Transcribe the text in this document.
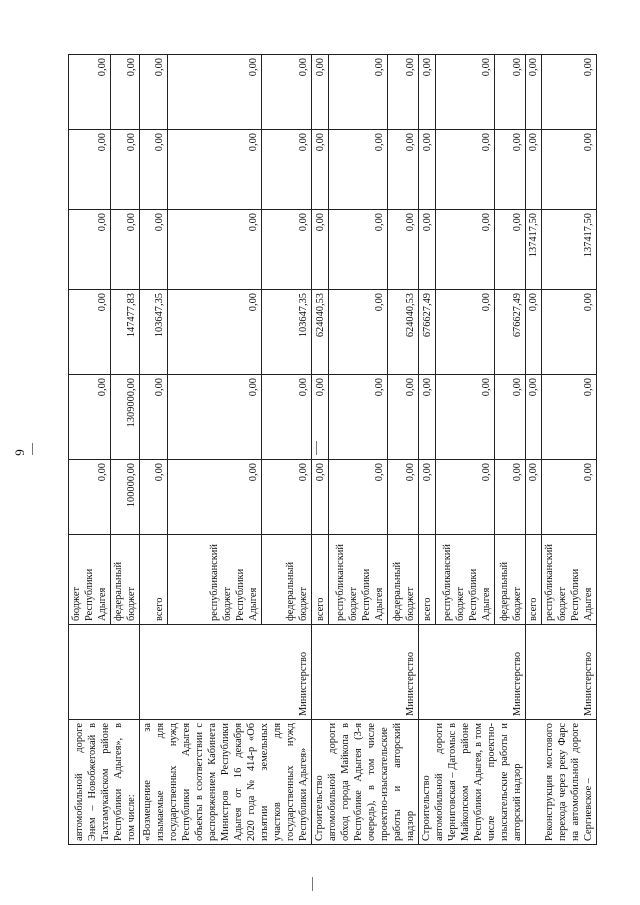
9
автомобильной дороге Энем – Новобжегокай в Тахтамукайском районе Республики Адыгея», в том числе:		бюджет Республики Адыгея	0,00	0,00	0,00	0,00	0,00	0,00
		федеральный бюджет	100000,00	1309000,00	147477,83	0,00	0,00	0,00
«Возмещение за изымаемые для государственных нужд Республики Адыгея объекты в соответствии с распоряжением Кабинета Министров Республики Адыгея от 16 декабря 2020 года № 414-р «Об изъятии земельных участков для государственных нужд Республики Адыгея»	Министерство	всего	0,00	0,00	103647,35	0,00	0,00	0,00
		республиканский бюджет Республики Адыгея	0,00	0,00	0,00	0,00	0,00	0,00
		федеральный бюджет	0,00	0,00	103647,35	0,00	0,00	0,00
Строительство автомобильной дороги обход города Майкопа в Республике Адыгея (3-я очередь), в том числе проектно-изыскательские работы и авторский надзор	Министерство	всего	0,00	0,00	624040,53	0,00	0,00	0,00
		республиканский бюджет Республики Адыгея	0,00	0,00	0,00	0,00	0,00	0,00
		федеральный бюджет	0,00	0,00	624040,53	0,00	0,00	0,00
Строительство автомобильной дороги Черниговская – Дагомыс в Майкопском районе Республики Адыгея, в том числе проектно-изыскательские работы и авторский надзор	Министерство	всего	0,00	0,00	676627,49	0,00	0,00	0,00
		республиканский бюджет Республики Адыгея	0,00	0,00	0,00	0,00	0,00	0,00
		федеральный бюджет	0,00	0,00	676627,49	0,00	0,00	0,00
Реконструкция мостового перехода через реку Фарс на автомобильной дороге Сергиевское –	Министерство	всего	0,00	0,00	0,00	137417,50	0,00	0,00
		республиканский бюджет Республики Адыгея	0,00	0,00	0,00	137417,50	0,00	0,00
